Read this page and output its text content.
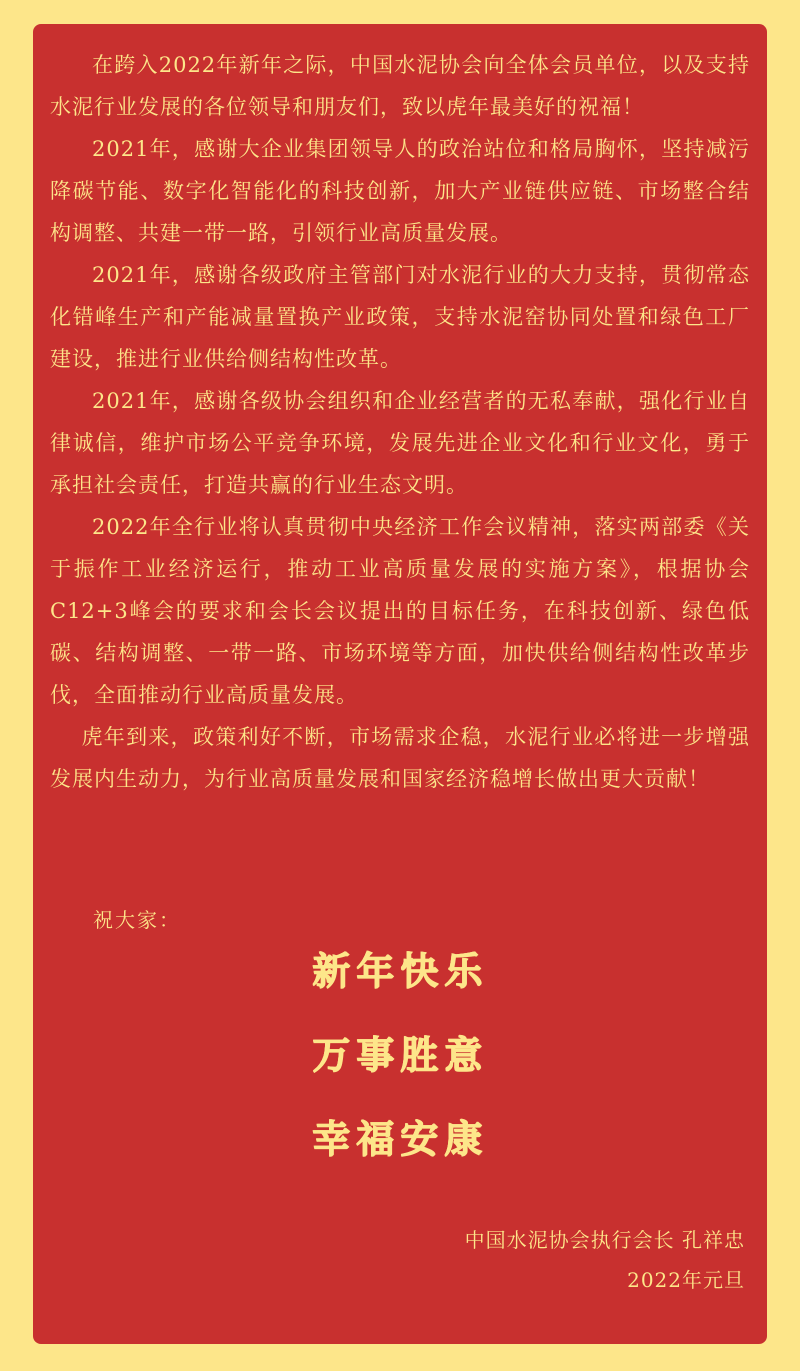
在跨入2022年新年之际，中国水泥协会向全体会员单位，以及支持水泥行业发展的各位领导和朋友们，致以虎年最美好的祝福！

2021年，感谢大企业集团领导人的政治站位和格局胸怀，坚持减污降碳节能、数字化智能化的科技创新，加大产业链供应链、市场整合结构调整、共建一带一路，引领行业高质量发展。

2021年，感谢各级政府主管部门对水泥行业的大力支持，贯彻常态化错峰生产和产能减量置换产业政策，支持水泥窑协同处置和绿色工厂建设，推进行业供给侧结构性改革。

2021年，感谢各级协会组织和企业经营者的无私奉献，强化行业自律诚信，维护市场公平竞争环境，发展先进企业文化和行业文化，勇于承担社会责任，打造共赢的行业生态文明。

2022年全行业将认真贯彻中央经济工作会议精神，落实两部委《关于振作工业经济运行，推动工业高质量发展的实施方案》，根据协会C12+3峰会的要求和会长会议提出的目标任务，在科技创新、绿色低碳、结构调整、一带一路、市场环境等方面，加快供给侧结构性改革步伐，全面推动行业高质量发展。

虎年到来，政策利好不断，市场需求企稳，水泥行业必将进一步增强发展内生动力，为行业高质量发展和国家经济稳增长做出更大贡献！

祝大家：
新年快乐
万事胜意
幸福安康
中国水泥协会执行会长 孔祥忠
2022年元旦
